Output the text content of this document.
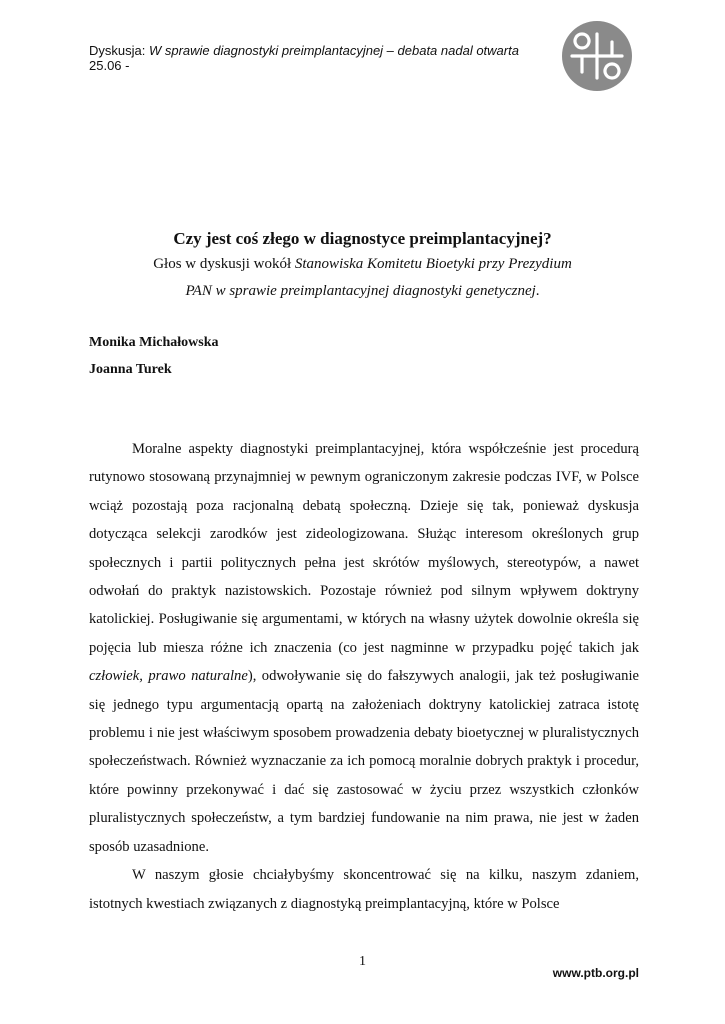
Dyskusja: W sprawie diagnostyki preimplantacyjnej – debata nadal otwarta
25.06 -
Czy jest coś złego w diagnostyce preimplantacyjnej?
Głos w dyskusji wokół Stanowiska Komitetu Bioetyki przy Prezydium
PAN w sprawie preimplantacyjnej diagnostyki genetycznej.
Monika Michałowska
Joanna Turek

Moralne aspekty diagnostyki preimplantacyjnej, która współcześnie jest procedurą rutynowo stosowaną przynajmniej w pewnym ograniczonym zakresie podczas IVF, w Polsce wciąż pozostają poza racjonalną debatą społeczną. Dzieje się tak, ponieważ dyskusja dotycząca selekcji zarodków jest zideologizowana. Służąc interesom określonych grup społecznych i partii politycznych pełna jest skrótów myślowych, stereotypów, a nawet odwołań do praktyk nazistowskich. Pozostaje również pod silnym wpływem doktryny katolickiej. Posługiwanie się argumentami, w których na własny użytek dowolnie określa się pojęcia lub miesza różne ich znaczenia (co jest nagminne w przypadku pojęć takich jak człowiek, prawo naturalne), odwoływanie się do fałszywych analogii, jak też posługiwanie się jednego typu argumentacją opartą na założeniach doktryny katolickiej zatraca istotę problemu i nie jest właściwym sposobem prowadzenia debaty bioetycznej w pluralistycznych społeczeństwach. Również wyznaczanie za ich pomocą moralnie dobrych praktyk i procedur, które powinny przekonywać i dać się zastosować w życiu przez wszystkich członków pluralistycznych społeczeństw, a tym bardziej fundowanie na nim prawa, nie jest w żaden sposób uzasadnione.

W naszym głosie chciałybyśmy skoncentrować się na kilku, naszym zdaniem, istotnych kwestiach związanych z diagnostyką preimplantacyjną, które w Polsce

1
www.ptb.org.pl
